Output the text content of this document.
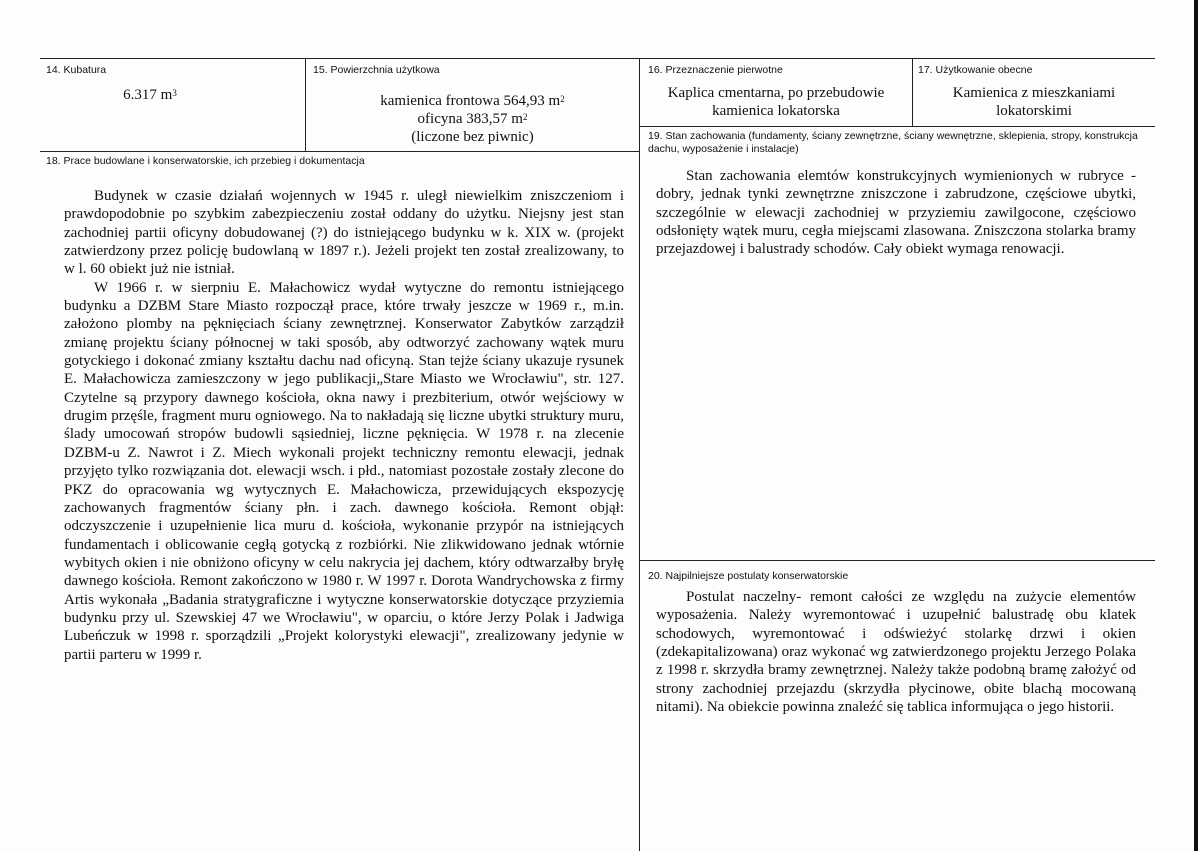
14. Kubatura
6.317 $m^3$
15. Powierzchnia użytkowa
kamienica frontowa 564,93 $m^2$
oficyna 383,57 $m^2$
(liczone bez piwnic)
16. Przeznaczenie pierwotne
Kaplica cmentarna, po przebudowie
kamienica lokatorska
17. Użytkowanie obecne
Kamienica z mieszkaniami
lokatorskimi
18. Prace budowlane i konserwatorskie, ich przebieg i dokumentacja

Budynek w czasie działań wojennych w 1945 r. uległ niewielkim zniszczeniom i prawdopodobnie po szybkim zabezpieczeniu został oddany do użytku. Niejsny jest stan zachodniej partii oficyny dobudowanej (?) do istniejącego budynku w k. XIX w. (projekt zatwierdzony przez policję budowlaną w 1897 r.). Jeżeli projekt ten został zrealizowany, to w l. 60 obiekt już nie istniał.

W 1966 r. w sierpniu E. Małachowicz wydał wytyczne do remontu istniejącego budynku a DZBM Stare Miasto rozpoczął prace, które trwały jeszcze w 1969 r., m.in. założono plomby na pęknięciach ściany zewnętrznej. Konserwator Zabytków zarządził zmianę projektu ściany północnej w taki sposób, aby odtworzyć zachowany wątek muru gotyckiego i dokonać zmiany kształtu dachu nad oficyną. Stan tejże ściany ukazuje rysunek E. Małachowicza zamieszczony w jego publikacji„Stare Miasto we Wrocławiu", str. 127. Czytelne są przypory dawnego kościoła, okna nawy i prezbiterium, otwór wejściowy w drugim przęśle, fragment muru ogniowego. Na to nakładają się liczne ubytki struktury muru, ślady umocowań stropów budowli sąsiedniej, liczne pęknięcia. W 1978 r. na zlecenie DZBM-u Z. Nawrot i Z. Miech wykonali projekt techniczny remontu elewacji, jednak przyjęto tylko rozwiązania dot. elewacji wsch. i płd., natomiast pozostałe zostały zlecone do PKZ do opracowania wg wytycznych E. Małachowicza, przewidujących ekspozycję zachowanych fragmentów ściany płn. i zach. dawnego kościoła. Remont objął: odczyszczenie i uzupełnienie lica muru d. kościoła, wykonanie przypór na istniejących fundamentach i oblicowanie cegłą gotycką z rozbiórki. Nie zlikwidowano jednak wtórnie wybitych okien i nie obniżono oficyny w celu nakrycia jej dachem, który odtwarzałby bryłę dawnego kościoła. Remont zakończono w 1980 r. W 1997 r. Dorota Wandrychowska z firmy Artis wykonała „Badania stratygraficzne i wytyczne konserwatorskie dotyczące przyziemia budynku przy ul. Szewskiej 47 we Wrocławiu", w oparciu, o które Jerzy Polak i Jadwiga Lubeńczuk w 1998 r. sporządzili „Projekt kolorystyki elewacji", zrealizowany jedynie w partii parteru w 1999 r.

19. Stan zachowania (fundamenty, ściany zewnętrzne, ściany wewnętrzne, sklepienia, stropy, konstrukcja dachu, wyposażenie i instalacje)

Stan zachowania elemtów konstrukcyjnych wymienionych w rubryce - dobry, jednak tynki zewnętrzne zniszczone i zabrudzone, częściowe ubytki, szczególnie w elewacji zachodniej w przyziemiu zawilgocone, częściowo odsłonięty wątek muru, cegła miejscami zlasowana. Zniszczona stolarka bramy przejazdowej i balustrady schodów. Cały obiekt wymaga renowacji.

20. Najpilniejsze postulaty konserwatorskie

Postulat naczelny- remont całości ze względu na zużycie elementów wyposażenia. Należy wyremontować i uzupełnić balustradę obu klatek schodowych, wyremontować i odświeżyć stolarkę drzwi i okien (zdekapitalizowana) oraz wykonać wg zatwierdzonego projektu Jerzego Polaka z 1998 r. skrzydła bramy zewnętrznej. Należy także podobną bramę założyć od strony zachodniej przejazdu (skrzydła płycinowe, obite blachą mocowaną nitami). Na obiekcie powinna znaleźć się tablica informująca o jego historii.
